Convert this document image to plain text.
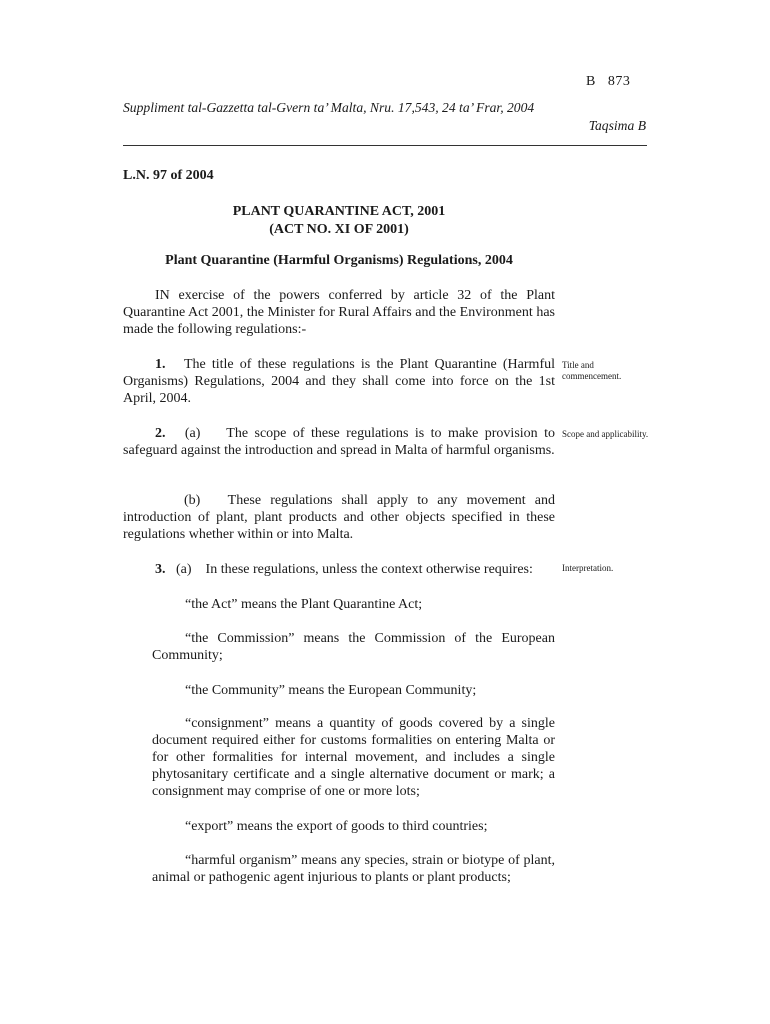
B 873
Suppliment tal-Gazzetta tal-Gvern ta’ Malta, Nru. 17,543, 24 ta’ Frar, 2004
Taqsima B
L.N. 97 of 2004
PLANT QUARANTINE ACT, 2001
(ACT NO. XI OF 2001)
Plant Quarantine (Harmful Organisms) Regulations, 2004
IN exercise of the powers conferred by article 32 of the Plant Quarantine Act 2001, the Minister for Rural Affairs and the Environment has made the following regulations:-
1. The title of these regulations is the Plant Quarantine (Harmful Organisms) Regulations, 2004 and they shall come into force on the 1st April, 2004.
Title and commencement.
2. (a) The scope of these regulations is to make provision to safeguard against the introduction and spread in Malta of harmful organisms.
Scope and applicability.
(b) These regulations shall apply to any movement and introduction of plant, plant products and other objects specified in these regulations whether within or into Malta.
3. (a) In these regulations, unless the context otherwise requires:	Interpretation.
“the Act” means the Plant Quarantine Act;
“the Commission” means the Commission of the European Community;
“the Community” means the European Community;
“consignment” means a quantity of goods covered by a single document required either for customs formalities on entering Malta or for other formalities for internal movement, and includes a single phytosanitary certificate and a single alternative document or mark; a consignment may comprise of one or more lots;
“export” means the export of goods to third countries;
“harmful organism” means any species, strain or biotype of plant, animal or pathogenic agent injurious to plants or plant products;
